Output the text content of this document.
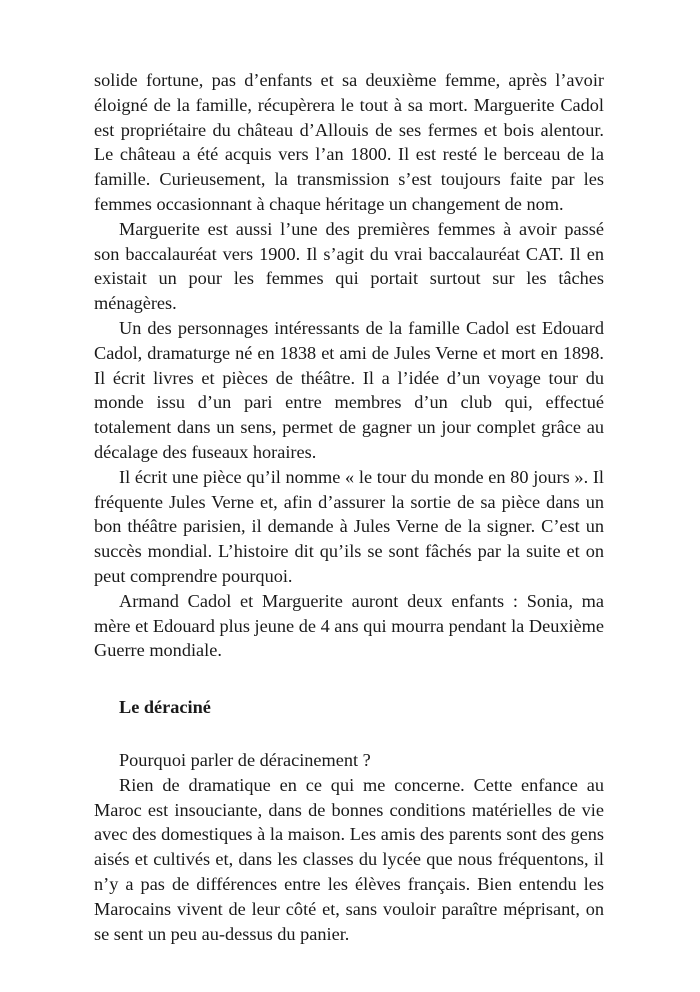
solide fortune, pas d’enfants et sa deuxième femme, après l’avoir éloigné de la famille, récupèrera le tout à sa mort. Marguerite Cadol est propriétaire du château d’Allouis de ses fermes et bois alentour. Le château a été acquis vers l’an 1800. Il est resté le berceau de la famille. Curieusement, la transmission s’est toujours faite par les femmes occasionnant à chaque héritage un changement de nom.

Marguerite est aussi l’une des premières femmes à avoir passé son baccalauréat vers 1900. Il s’agit du vrai baccalauréat CAT. Il en existait un pour les femmes qui portait surtout sur les tâches ménagères.

Un des personnages intéressants de la famille Cadol est Edouard Cadol, dramaturge né en 1838 et ami de Jules Verne et mort en 1898. Il écrit livres et pièces de théâtre. Il a l’idée d’un voyage tour du monde issu d’un pari entre membres d’un club qui, effectué totalement dans un sens, permet de gagner un jour complet grâce au décalage des fuseaux horaires.

Il écrit une pièce qu’il nomme « le tour du monde en 80 jours ». Il fréquente Jules Verne et, afin d’assurer la sortie de sa pièce dans un bon théâtre parisien, il demande à Jules Verne de la signer. C’est un succès mondial. L’histoire dit qu’ils se sont fâchés par la suite et on peut comprendre pourquoi.

Armand Cadol et Marguerite auront deux enfants : Sonia, ma mère et Edouard plus jeune de 4 ans qui mourra pendant la Deuxième Guerre mondiale.

Le déraciné

Pourquoi parler de déracinement ?

Rien de dramatique en ce qui me concerne. Cette enfance au Maroc est insouciante, dans de bonnes conditions matérielles de vie avec des domestiques à la maison. Les amis des parents sont des gens aisés et cultivés et, dans les classes du lycée que nous fréquentons, il n’y a pas de différences entre les élèves français. Bien entendu les Marocains vivent de leur côté et, sans vouloir paraître méprisant, on se sent un peu au-dessus du panier.
